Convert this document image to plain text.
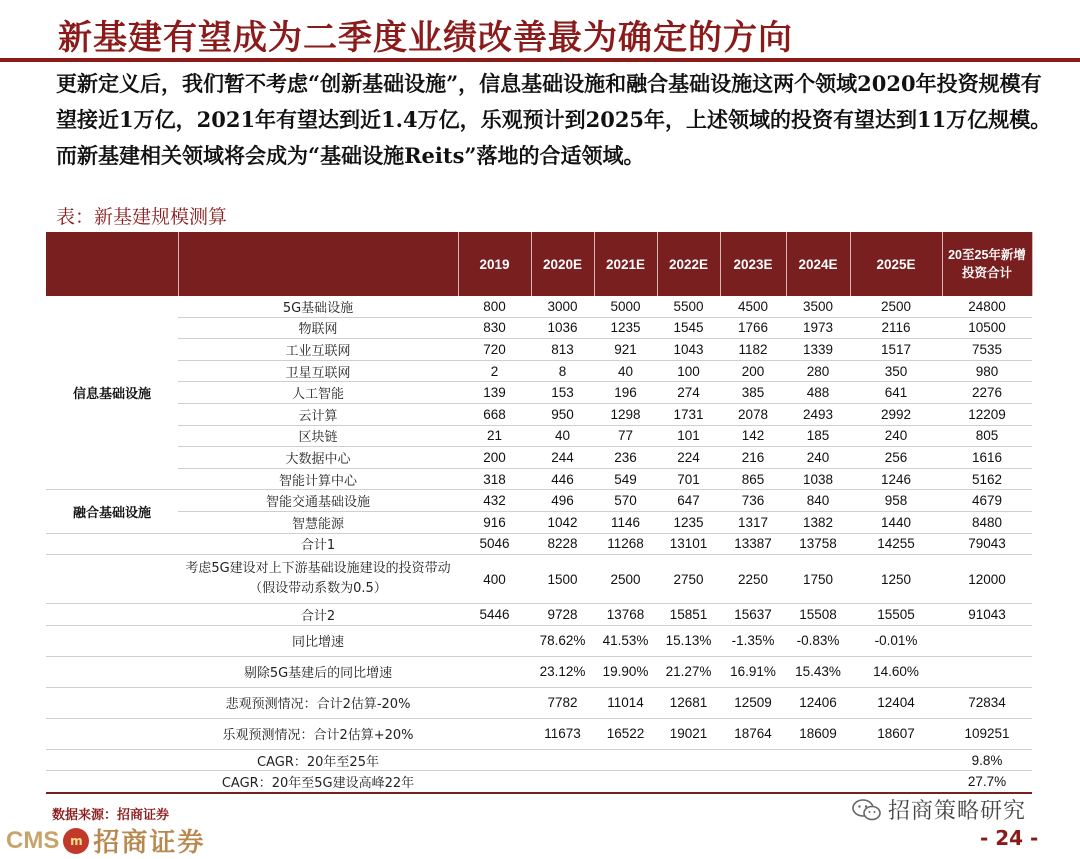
新基建有望成为二季度业绩改善最为确定的方向
更新定义后，我们暂不考虑“创新基础设施”，信息基础设施和融合基础设施这两个领域2020年投资规模有望接近1万亿，2021年有望达到近1.4万亿，乐观预计到2025年，上述领域的投资有望达到11万亿规模。而新基建相关领域将会成为“基础设施Reits”落地的合适领域。
表：新基建规模测算
		2019	2020E	2021E	2022E	2023E	2024E	2025E	20至25年新增投资合计
信息基础设施	5G基础设施	800	3000	5000	5500	4500	3500	2500	24800
	物联网	830	1036	1235	1545	1766	1973	2116	10500
	工业互联网	720	813	921	1043	1182	1339	1517	7535
	卫星互联网	2	8	40	100	200	280	350	980
	人工智能	139	153	196	274	385	488	641	2276
	云计算	668	950	1298	1731	2078	2493	2992	12209
	区块链	21	40	77	101	142	185	240	805
	大数据中心	200	244	236	224	216	240	256	1616
	智能计算中心	318	446	549	701	865	1038	1246	5162
融合基础设施	智能交通基础设施	432	496	570	647	736	840	958	4679
	智慧能源	916	1042	1146	1235	1317	1382	1440	8480
	合计1	5046	8228	11268	13101	13387	13758	14255	79043
	考虑5G建设对上下游基础设施建设的投资带动（假设带动系数为0.5）	400	1500	2500	2750	2250	1750	1250	12000
	合计2	5446	9728	13768	15851	15637	15508	15505	91043
	同比增速		78.62%	41.53%	15.13%	-1.35%	-0.83%	-0.01%	
	剔除5G基建后的同比增速		23.12%	19.90%	21.27%	16.91%	15.43%	14.60%	
	悲观预测情况：合计2估算-20%		7782	11014	12681	12509	12406	12404	72834
	乐观预测情况：合计2估算+20%		11673	16522	19021	18764	18609	18607	109251
	CAGR：20年至25年								9.8%
	CAGR：20年至5G建设高峰22年								27.7%
数据来源：招商证券
CMS m 招商证券
招商策略研究
- 24 -
